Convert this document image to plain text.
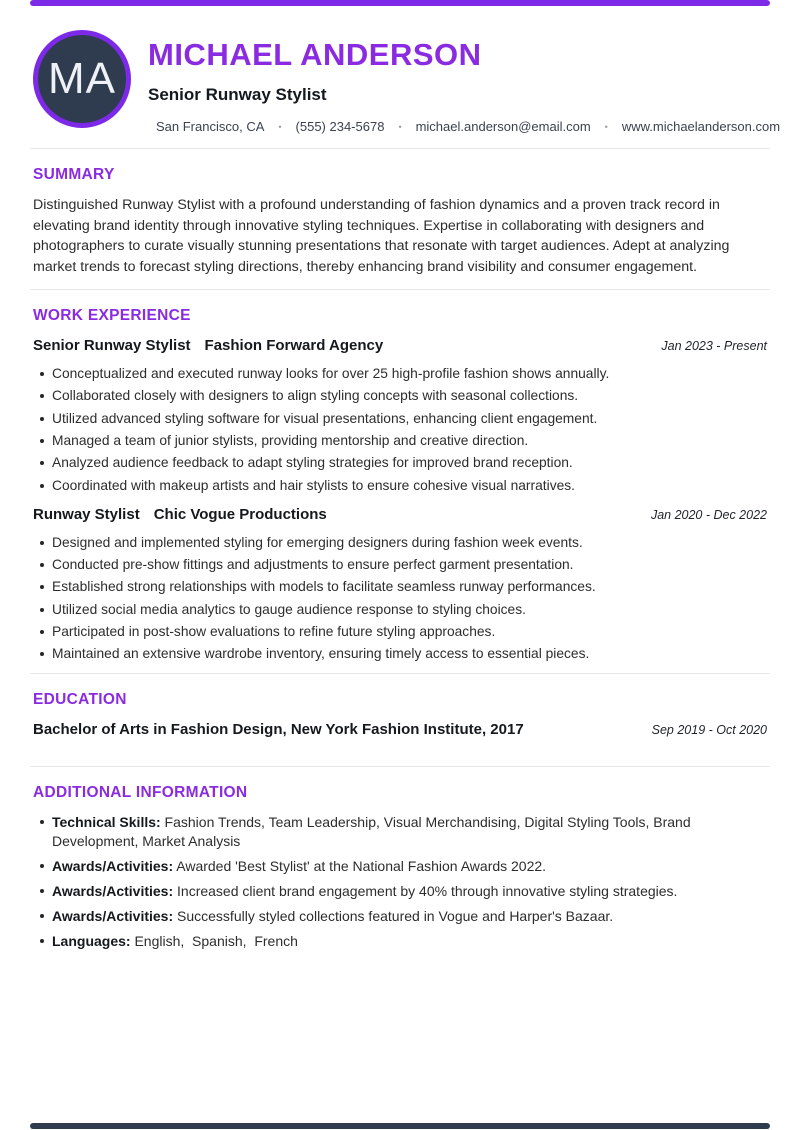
MA MICHAEL ANDERSON
Senior Runway Stylist
San Francisco, CA • (555) 234-5678 • michael.anderson@email.com • www.michaelanderson.com
SUMMARY

Distinguished Runway Stylist with a profound understanding of fashion dynamics and a proven track record in elevating brand identity through innovative styling techniques. Expertise in collaborating with designers and photographers to curate visually stunning presentations that resonate with target audiences. Adept at analyzing market trends to forecast styling directions, thereby enhancing brand visibility and consumer engagement.

WORK EXPERIENCE
Senior Runway Stylist Fashion Forward Agency	Jan 2023 - Present
Conceptualized and executed runway looks for over 25 high-profile fashion shows annually.
Collaborated closely with designers to align styling concepts with seasonal collections.
Utilized advanced styling software for visual presentations, enhancing client engagement.
Managed a team of junior stylists, providing mentorship and creative direction.
Analyzed audience feedback to adapt styling strategies for improved brand reception.
Coordinated with makeup artists and hair stylists to ensure cohesive visual narratives.
Runway Stylist Chic Vogue Productions	Jan 2020 - Dec 2022
Designed and implemented styling for emerging designers during fashion week events.
Conducted pre-show fittings and adjustments to ensure perfect garment presentation.
Established strong relationships with models to facilitate seamless runway performances.
Utilized social media analytics to gauge audience response to styling choices.
Participated in post-show evaluations to refine future styling approaches.
Maintained an extensive wardrobe inventory, ensuring timely access to essential pieces.
EDUCATION
Bachelor of Arts in Fashion Design, New York Fashion Institute, 2017	Sep 2019 - Oct 2020
ADDITIONAL INFORMATION
Technical Skills: Fashion Trends, Team Leadership, Visual Merchandising, Digital Styling Tools, Brand Development, Market Analysis
Awards/Activities: Awarded 'Best Stylist' at the National Fashion Awards 2022.
Awards/Activities: Increased client brand engagement by 40% through innovative styling strategies.
Awards/Activities: Successfully styled collections featured in Vogue and Harper's Bazaar.
Languages: English,  Spanish,  French
